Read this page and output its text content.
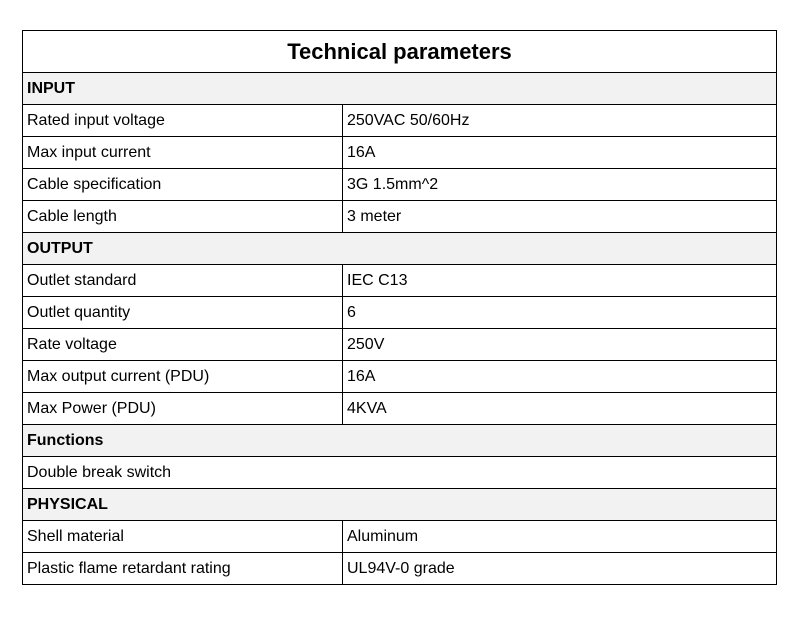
Technical parameters	
INPUT	
Rated input voltage	250VAC 50/60Hz
Max input current	16A
Cable specification	3G 1.5mm^2
Cable length	3 meter
OUTPUT	
Outlet standard	IEC C13
Outlet quantity	6
Rate voltage	250V
Max output current (PDU)	16A
Max Power (PDU)	4KVA
Functions	
Double break switch	
PHYSICAL	
Shell material	Aluminum
Plastic flame retardant rating	UL94V-0 grade
